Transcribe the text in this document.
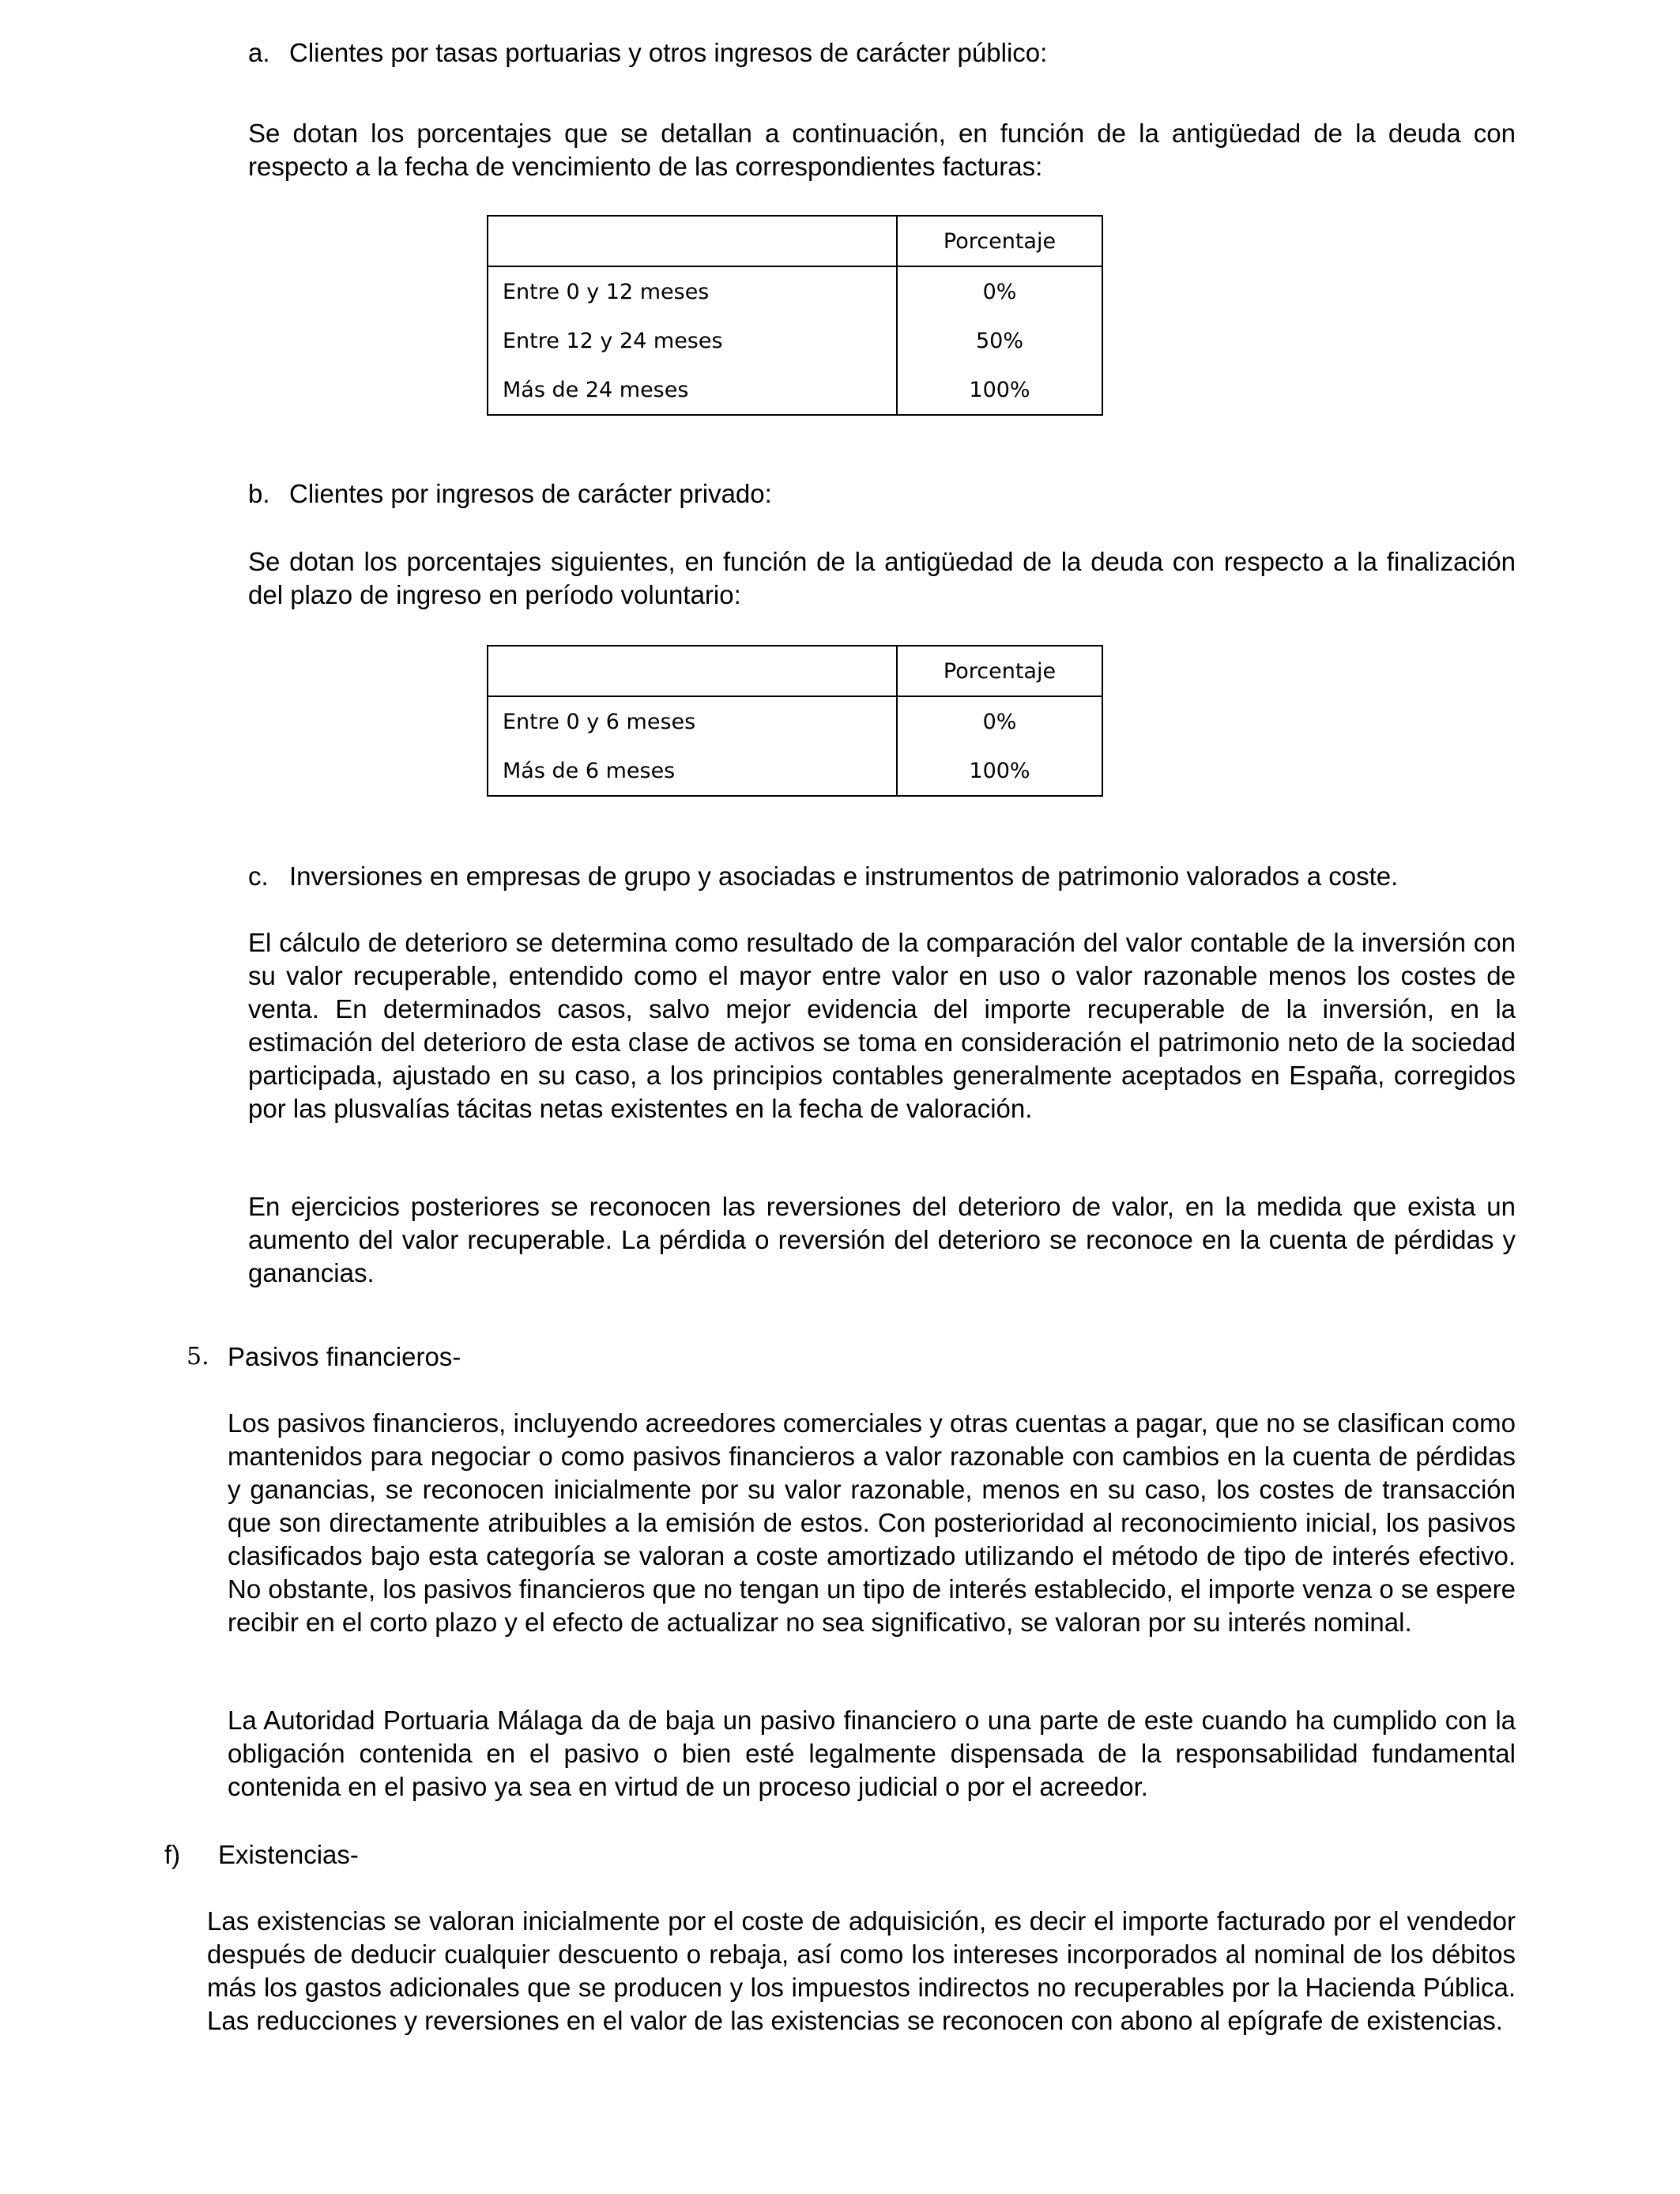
a. Clientes por tasas portuarias y otros ingresos de carácter público:
Se dotan los porcentajes que se detallan a continuación, en función de la antigüedad de la deuda con respecto a la fecha de vencimiento de las correspondientes facturas:
	Porcentaje
Entre 0 y 12 meses	0%
Entre 12 y 24 meses	50%
Más de 24 meses	100%
b. Clientes por ingresos de carácter privado:
Se dotan los porcentajes siguientes, en función de la antigüedad de la deuda con respecto a la finalización del plazo de ingreso en período voluntario:
	Porcentaje
Entre 0 y 6 meses	0%
Más de 6 meses	100%
c. Inversiones en empresas de grupo y asociadas e instrumentos de patrimonio valorados a coste.
El cálculo de deterioro se determina como resultado de la comparación del valor contable de la inversión con su valor recuperable, entendido como el mayor entre valor en uso o valor razonable menos los costes de venta. En determinados casos, salvo mejor evidencia del importe recuperable de la inversión, en la estimación del deterioro de esta clase de activos se toma en consideración el patrimonio neto de la sociedad participada, ajustado en su caso, a los principios contables generalmente aceptados en España, corregidos por las plusvalías tácitas netas existentes en la fecha de valoración.
En ejercicios posteriores se reconocen las reversiones del deterioro de valor, en la medida que exista un aumento del valor recuperable. La pérdida o reversión del deterioro se reconoce en la cuenta de pérdidas y ganancias.
5. Pasivos financieros-
Los pasivos financieros, incluyendo acreedores comerciales y otras cuentas a pagar, que no se clasifican como mantenidos para negociar o como pasivos financieros a valor razonable con cambios en la cuenta de pérdidas y ganancias, se reconocen inicialmente por su valor razonable, menos en su caso, los costes de transacción que son directamente atribuibles a la emisión de estos. Con posterioridad al reconocimiento inicial, los pasivos clasificados bajo esta categoría se valoran a coste amortizado utilizando el método de tipo de interés efectivo. No obstante, los pasivos financieros que no tengan un tipo de interés establecido, el importe venza o se espere recibir en el corto plazo y el efecto de actualizar no sea significativo, se valoran por su interés nominal.
La Autoridad Portuaria Málaga da de baja un pasivo financiero o una parte de este cuando ha cumplido con la obligación contenida en el pasivo o bien esté legalmente dispensada de la responsabilidad fundamental contenida en el pasivo ya sea en virtud de un proceso judicial o por el acreedor.
f) Existencias-
Las existencias se valoran inicialmente por el coste de adquisición, es decir el importe facturado por el vendedor después de deducir cualquier descuento o rebaja, así como los intereses incorporados al nominal de los débitos más los gastos adicionales que se producen y los impuestos indirectos no recuperables por la Hacienda Pública. Las reducciones y reversiones en el valor de las existencias se reconocen con abono al epígrafe de existencias.
